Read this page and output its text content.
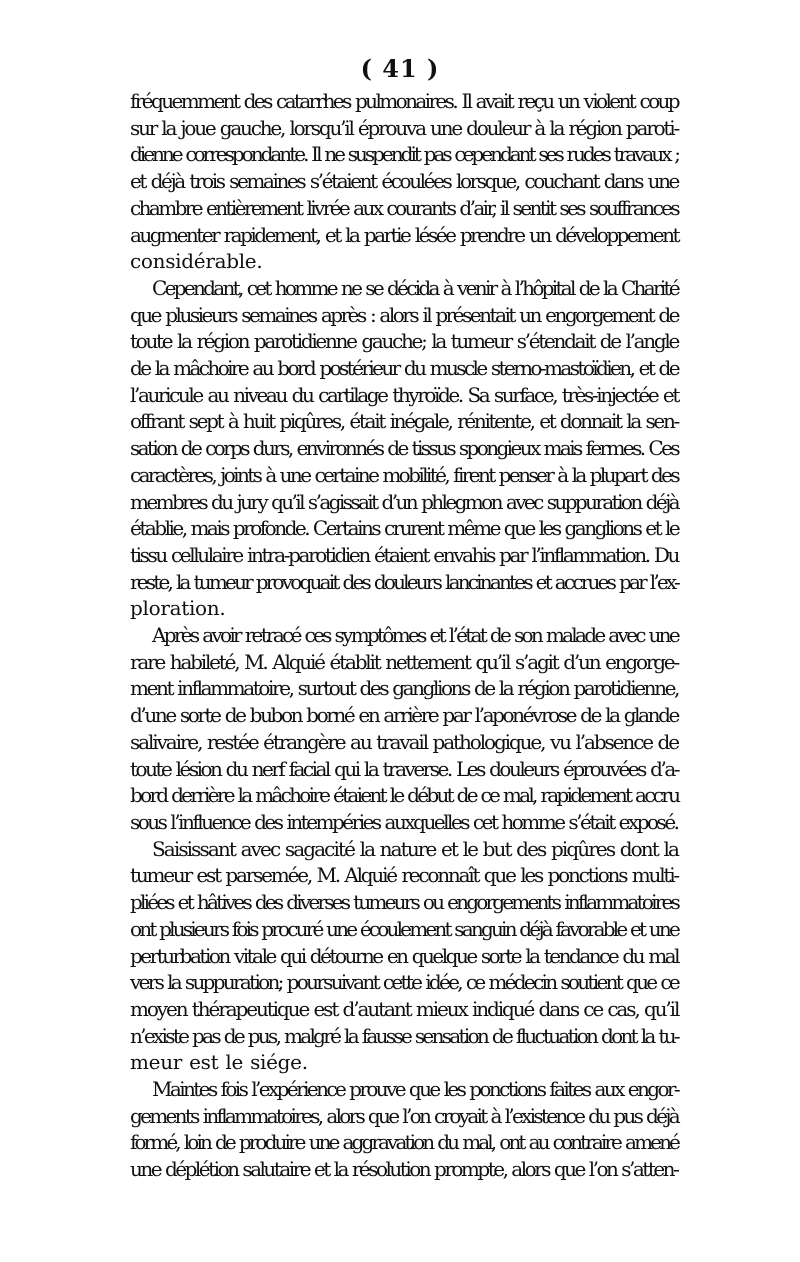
( 41 )
fréquemment des catarrhes pulmonaires. Il avait reçu un violent coup
sur la joue gauche, lorsqu’il éprouva une douleur à la région paroti-
dienne correspondante. Il ne suspendit pas cependant ses rudes travaux ;
et déjà trois semaines s’étaient écoulées lorsque, couchant dans une
chambre entièrement livrée aux courants d’air, il sentit ses souffrances
augmenter rapidement, et la partie lésée prendre un développement
considérable.
Cependant, cet homme ne se décida à venir à l’hôpital de la Charité
que plusieurs semaines après : alors il présentait un engorgement de
toute la région parotidienne gauche; la tumeur s’étendait de l’angle
de la mâchoire au bord postérieur du muscle sterno-mastoïdien, et de
l’auricule au niveau du cartilage thyroïde. Sa surface, très-injectée et
offrant sept à huit piqûres, était inégale, rénitente, et donnait la sen-
sation de corps durs, environnés de tissus spongieux mais fermes. Ces
caractères, joints à une certaine mobilité, firent penser à la plupart des
membres du jury qu’il s’agissait d’un phlegmon avec suppuration déjà
établie, mais profonde. Certains crurent même que les ganglions et le
tissu cellulaire intra-parotidien étaient envahis par l’inflammation. Du
reste, la tumeur provoquait des douleurs lancinantes et accrues par l’ex-
ploration.
Après avoir retracé ces symptômes et l’état de son malade avec une
rare habileté, M. Alquié établit nettement qu’il s’agit d’un engorge-
ment inflammatoire, surtout des ganglions de la région parotidienne,
d’une sorte de bubon borné en arrière par l’aponévrose de la glande
salivaire, restée étrangère au travail pathologique, vu l’absence de
toute lésion du nerf facial qui la traverse. Les douleurs éprouvées d’a-
bord derrière la mâchoire étaient le début de ce mal, rapidement accru
sous l’influence des intempéries auxquelles cet homme s’était exposé.
Saisissant avec sagacité la nature et le but des piqûres dont la
tumeur est parsemée, M. Alquié reconnaît que les ponctions multi-
pliées et hâtives des diverses tumeurs ou engorgements inflammatoires
ont plusieurs fois procuré une écoulement sanguin déjà favorable et une
perturbation vitale qui détourne en quelque sorte la tendance du mal
vers la suppuration; poursuivant cette idée, ce médecin soutient que ce
moyen thérapeutique est d’autant mieux indiqué dans ce cas, qu’il
n’existe pas de pus, malgré la fausse sensation de fluctuation dont la tu-
meur est le siége.
Maintes fois l’expérience prouve que les ponctions faites aux engor-
gements inflammatoires, alors que l’on croyait à l’existence du pus déjà
formé, loin de produire une aggravation du mal, ont au contraire amené
une déplétion salutaire et la résolution prompte, alors que l’on s’atten-
